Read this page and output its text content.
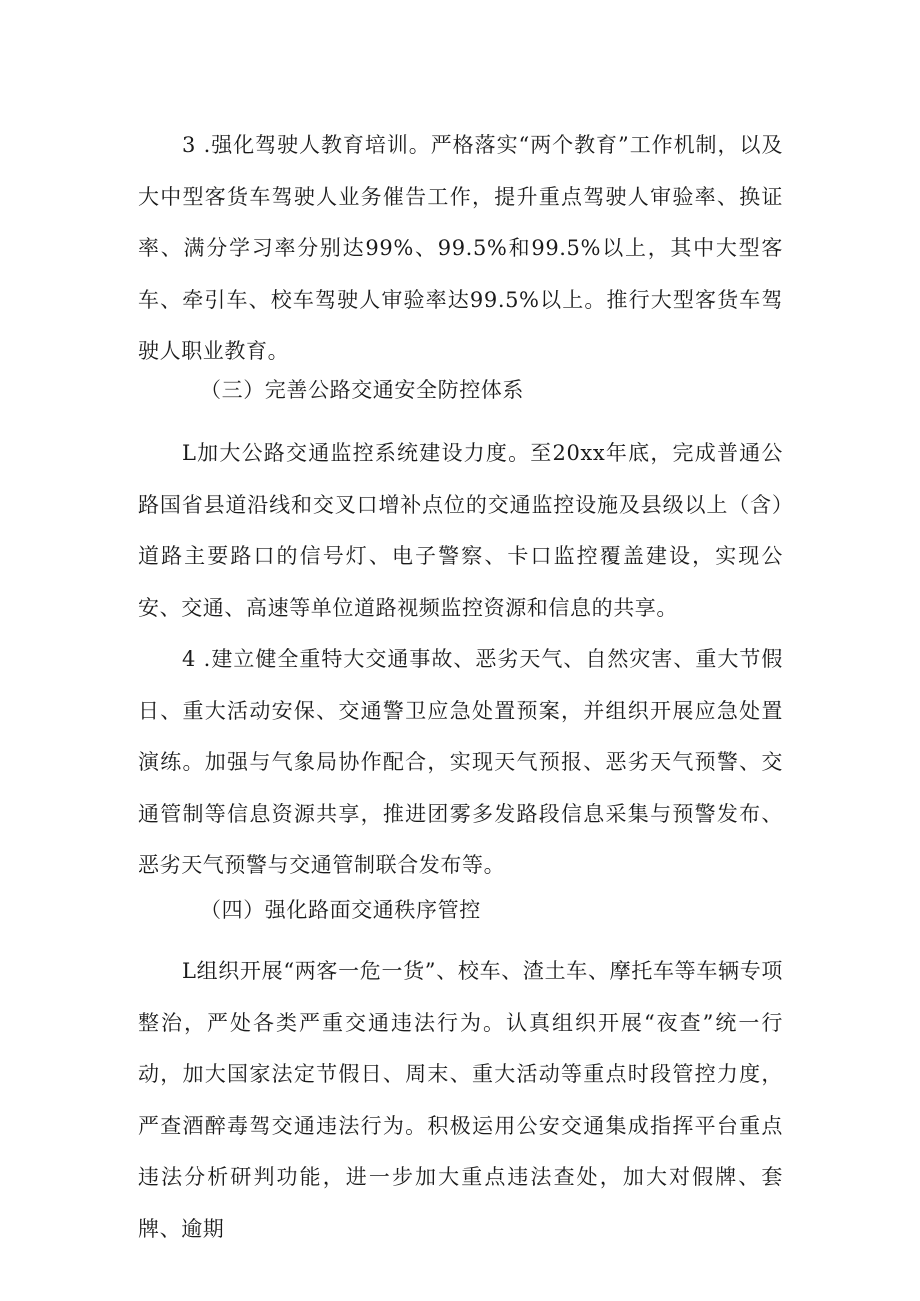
3 .强化驾驶人教育培训。严格落实“两个教育”工作机制，以及大中型客货车驾驶人业务催告工作，提升重点驾驶人审验率、换证率、满分学习率分别达99%、99.5%和99.5%以上，其中大型客车、牵引车、校车驾驶人审验率达99.5%以上。推行大型客货车驾驶人职业教育。

（三）完善公路交通安全防控体系

L加大公路交通监控系统建设力度。至20xx年底，完成普通公路国省县道沿线和交叉口增补点位的交通监控设施及县级以上（含）道路主要路口的信号灯、电子警察、卡口监控覆盖建设，实现公安、交通、高速等单位道路视频监控资源和信息的共享。

4 .建立健全重特大交通事故、恶劣天气、自然灾害、重大节假日、重大活动安保、交通警卫应急处置预案，并组织开展应急处置演练。加强与气象局协作配合，实现天气预报、恶劣天气预警、交通管制等信息资源共享，推进团雾多发路段信息采集与预警发布、恶劣天气预警与交通管制联合发布等。

（四）强化路面交通秩序管控

L组织开展“两客一危一货”、校车、渣土车、摩托车等车辆专项整治，严处各类严重交通违法行为。认真组织开展“夜查”统一行动，加大国家法定节假日、周末、重大活动等重点时段管控力度，严查酒醉毒驾交通违法行为。积极运用公安交通集成指挥平台重点违法分析研判功能，进一步加大重点违法查处，加大对假牌、套牌、逾期
